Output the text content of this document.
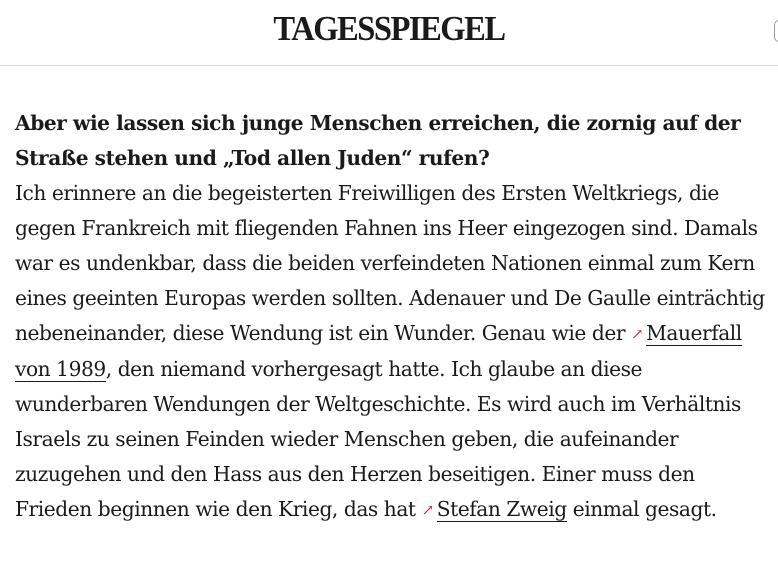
TAGESSPIEGEL

Aber wie lassen sich junge Menschen erreichen, die zornig auf der Straße stehen und „Tod allen Juden“ rufen?

Ich erinnere an die begeisterten Freiwilligen des Ersten Weltkriegs, die gegen Frankreich mit fliegenden Fahnen ins Heer eingezogen sind. Damals war es undenkbar, dass die beiden verfeindeten Nationen einmal zum Kern eines geeinten Europas werden sollten. Adenauer und De Gaulle einträchtig nebeneinander, diese Wendung ist ein Wunder. Genau wie der ↗ Mauerfall von 1989, den niemand vorhergesagt hatte. Ich glaube an diese wunderbaren Wendungen der Weltgeschichte. Es wird auch im Verhältnis Israels zu seinen Feinden wieder Menschen geben, die aufeinander zuzugehen und den Hass aus den Herzen beseitigen. Einer muss den Frieden beginnen wie den Krieg, das hat ↗ Stefan Zweig einmal gesagt.
